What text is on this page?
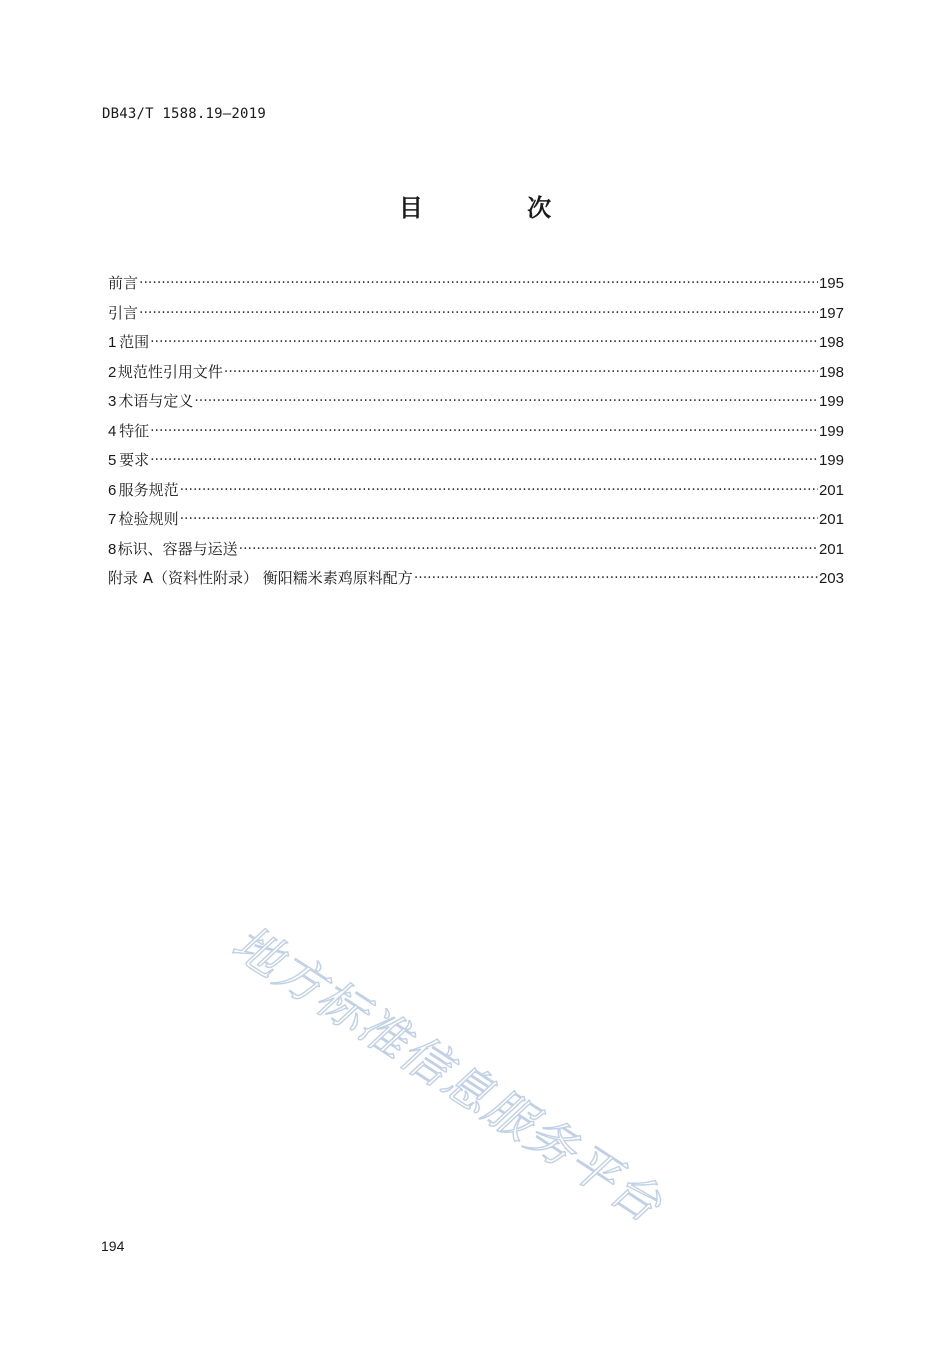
DB43/T 1588.19—2019
目 次
前言 ·····	195
引言 ·····	197
1 范围 ·····	198
2 规范性引用文件 ·····	198
3 术语与定义 ·····	199
4 特征 ·····	199
5 要求 ·····	199
6 服务规范 ·····	201
7 检验规则 ·····	201
8 标识、容器与运送 ·····	201
附录 A（资料性附录） 衡阳糯米素鸡原料配方 ·····	203
地方标准信息服务平台
194
